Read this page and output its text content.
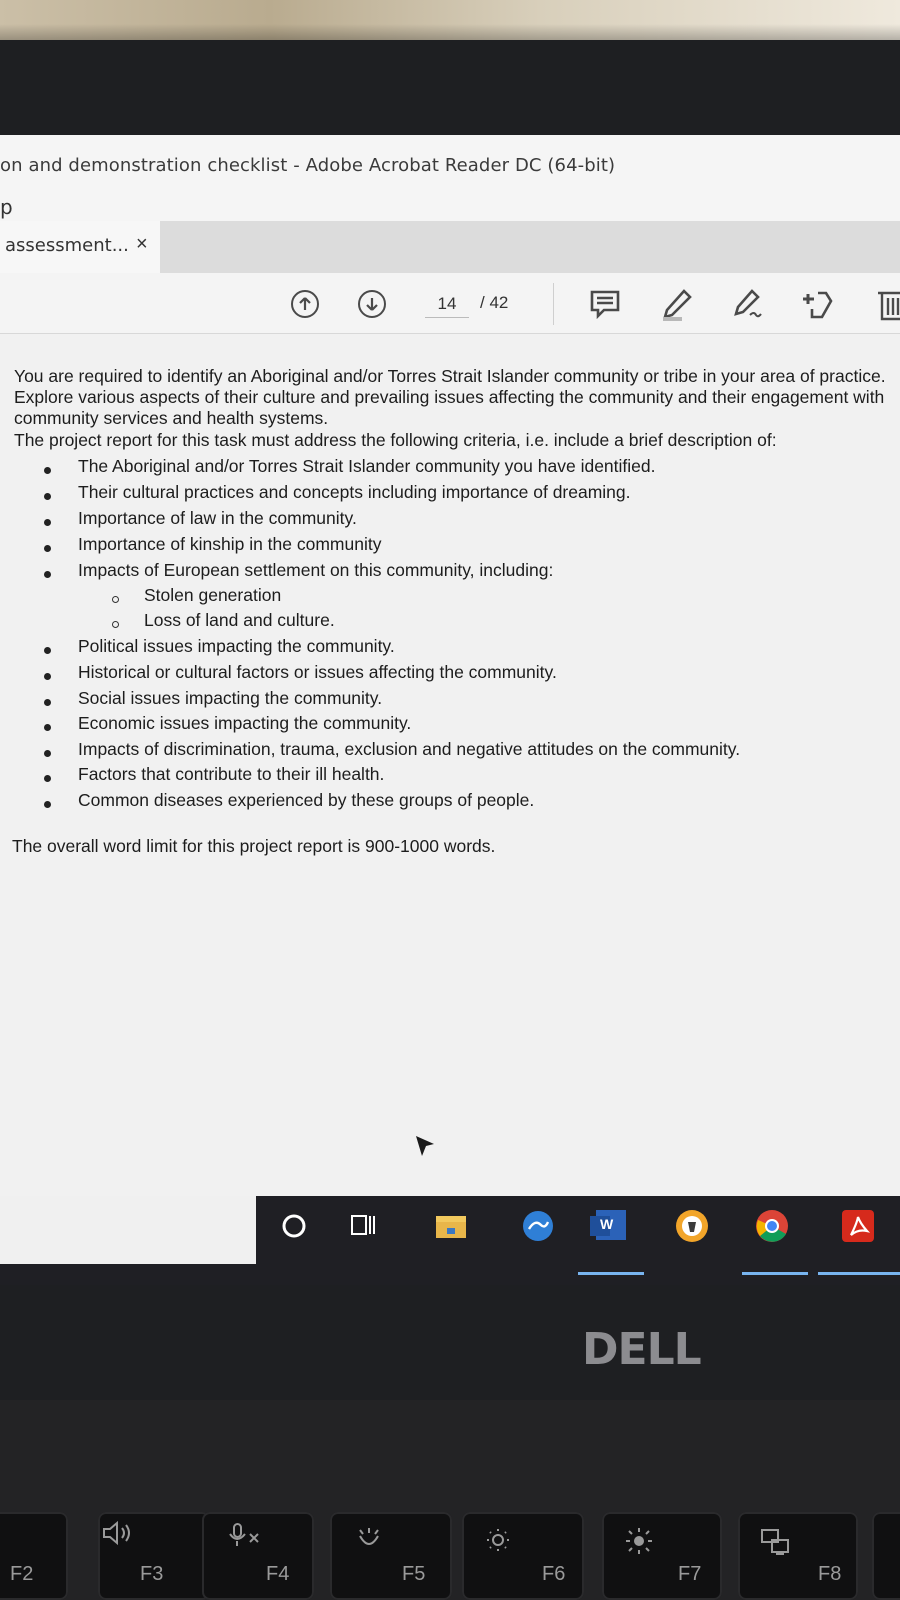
on and demonstration checklist - Adobe Acrobat Reader DC (64-bit)
p
assessment... ×
14
/ 42

You are required to identify an Aboriginal and/or Torres Strait Islander community or tribe in your area of practice. Explore various aspects of their culture and prevailing issues affecting the community and their engagement with community services and health systems.

The project report for this task must address the following criteria, i.e. include a brief description of:
The Aboriginal and/or Torres Strait Islander community you have identified.
Their cultural practices and concepts including importance of dreaming.
Importance of law in the community.
Importance of kinship in the community
Impacts of European settlement on this community, including:
Stolen generation
Loss of land and culture.
Political issues impacting the community.
Historical or cultural factors or issues affecting the community.
Social issues impacting the community.
Economic issues impacting the community.
Impacts of discrimination, trauma, exclusion and negative attitudes on the community.
Factors that contribute to their ill health.
Common diseases experienced by these groups of people.
The overall word limit for this project report is 900-1000 words.
W
DELL
F2	F3	F4	F5	F6	F7	F8
